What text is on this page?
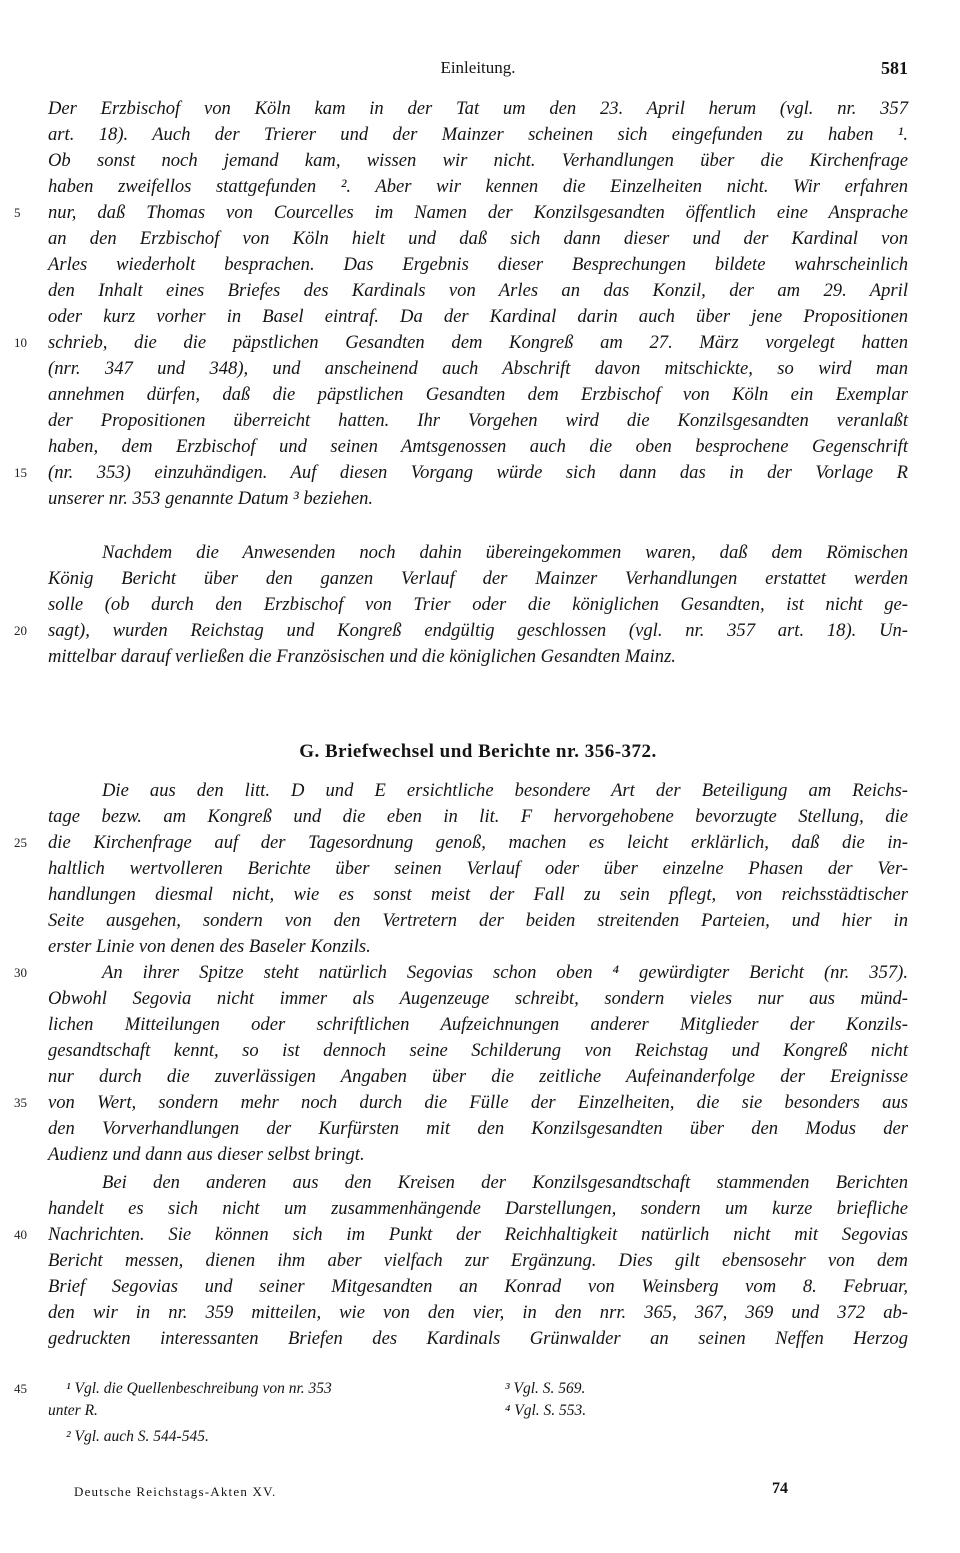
Einleitung.	581
Der Erzbischof von Köln kam in der Tat um den 23. April herum (vgl. nr. 357
art. 18). Auch der Trierer und der Mainzer scheinen sich eingefunden zu haben ¹.
Ob sonst noch jemand kam, wissen wir nicht. Verhandlungen über die Kirchenfrage
haben zweifellos stattgefunden ². Aber wir kennen die Einzelheiten nicht. Wir erfahren
nur, daß Thomas von Courcelles im Namen der Konzilsgesandten öffentlich eine Ansprache
an den Erzbischof von Köln hielt und daß sich dann dieser und der Kardinal von
Arles wiederholt besprachen. Das Ergebnis dieser Besprechungen bildete wahrscheinlich
den Inhalt eines Briefes des Kardinals von Arles an das Konzil, der am 29. April
oder kurz vorher in Basel eintraf. Da der Kardinal darin auch über jene Propositionen
schrieb, die die päpstlichen Gesandten dem Kongreß am 27. März vorgelegt hatten
(nrr. 347 und 348), und anscheinend auch Abschrift davon mitschickte, so wird man
annehmen dürfen, daß die päpstlichen Gesandten dem Erzbischof von Köln ein Exemplar
der Propositionen überreicht hatten. Ihr Vorgehen wird die Konzilsgesandten veranlaßt
haben, dem Erzbischof und seinen Amtsgenossen auch die oben besprochene Gegenschrift
(nr. 353) einzuhändigen. Auf diesen Vorgang würde sich dann das in der Vorlage R
unserer nr. 353 genannte Datum ³ beziehen.
Nachdem die Anwesenden noch dahin übereingekommen waren, daß dem Römischen
König Bericht über den ganzen Verlauf der Mainzer Verhandlungen erstattet werden
solle (ob durch den Erzbischof von Trier oder die königlichen Gesandten, ist nicht ge-
sagt), wurden Reichstag und Kongreß endgültig geschlossen (vgl. nr. 357 art. 18). Un-
mittelbar darauf verließen die Französischen und die königlichen Gesandten Mainz.
G. Briefwechsel und Berichte nr. 356-372.
Die aus den litt. D und E ersichtliche besondere Art der Beteiligung am Reichs-
tage bezw. am Kongreß und die eben in lit. F hervorgehobene bevorzugte Stellung, die
die Kirchenfrage auf der Tagesordnung genoß, machen es leicht erklärlich, daß die in-
haltlich wertvolleren Berichte über seinen Verlauf oder über einzelne Phasen der Ver-
handlungen diesmal nicht, wie es sonst meist der Fall zu sein pflegt, von reichsstädtischer
Seite ausgehen, sondern von den Vertretern der beiden streitenden Parteien, und hier in
erster Linie von denen des Baseler Konzils.
An ihrer Spitze steht natürlich Segovias schon oben ⁴ gewürdigter Bericht (nr. 357).
Obwohl Segovia nicht immer als Augenzeuge schreibt, sondern vieles nur aus münd-
lichen Mitteilungen oder schriftlichen Aufzeichnungen anderer Mitglieder der Konzils-
gesandtschaft kennt, so ist dennoch seine Schilderung von Reichstag und Kongreß nicht
nur durch die zuverlässigen Angaben über die zeitliche Aufeinanderfolge der Ereignisse
von Wert, sondern mehr noch durch die Fülle der Einzelheiten, die sie besonders aus
den Vorverhandlungen der Kurfürsten mit den Konzilsgesandten über den Modus der
Audienz und dann aus dieser selbst bringt.
Bei den anderen aus den Kreisen der Konzilsgesandtschaft stammenden Berichten
handelt es sich nicht um zusammenhängende Darstellungen, sondern um kurze briefliche
Nachrichten. Sie können sich im Punkt der Reichhaltigkeit natürlich nicht mit Segovias
Bericht messen, dienen ihm aber vielfach zur Ergänzung. Dies gilt ebensosehr von dem
Brief Segovias und seiner Mitgesandten an Konrad von Weinsberg vom 8. Februar,
den wir in nr. 359 mitteilen, wie von den vier, in den nrr. 365, 367, 369 und 372 ab-
gedruckten interessanten Briefen des Kardinals Grünwalder an seinen Neffen Herzog
5
10
15
20
25
30
35
40
45	¹ Vgl. die Quellenbeschreibung von nr. 353
unter R.
² Vgl. auch S. 544-545.
³ Vgl. S. 569.
⁴ Vgl. S. 553.
Deutsche Reichstags-Akten XV.	74
